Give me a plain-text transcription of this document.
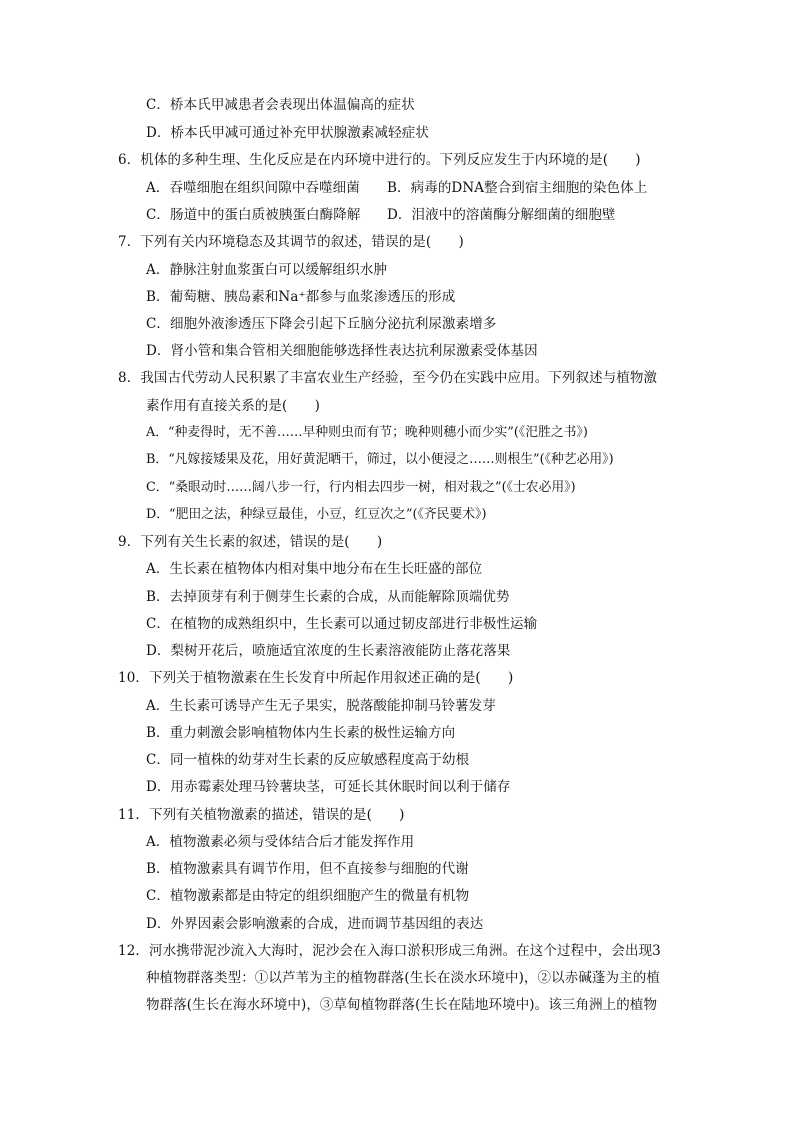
C．桥本氏甲减患者会表现出体温偏高的症状
D．桥本氏甲减可通过补充甲状腺激素减轻症状
6．机体的多种生理、生化反应是在内环境中进行的。下列反应发生于内环境的是(　　)
A．吞噬细胞在组织间隙中吞噬细菌 B．病毒的DNA整合到宿主细胞的染色体上
C．肠道中的蛋白质被胰蛋白酶降解 D．泪液中的溶菌酶分解细菌的细胞壁
7．下列有关内环境稳态及其调节的叙述，错误的是(　　)
A．静脉注射血浆蛋白可以缓解组织水肿
B．葡萄糖、胰岛素和Na⁺都参与血浆渗透压的形成
C．细胞外液渗透压下降会引起下丘脑分泌抗利尿激素增多
D．肾小管和集合管相关细胞能够选择性表达抗利尿激素受体基因
8．我国古代劳动人民积累了丰富农业生产经验，至今仍在实践中应用。下列叙述与植物激
素作用有直接关系的是(　　)
A．“种麦得时，无不善……早种则虫而有节；晚种则穗小而少实”(《汜胜之书》)
B．“凡嫁接矮果及花，用好黄泥晒干，筛过，以小便浸之……则根生”(《种艺必用》)
C．“桑眼动时……阔八步一行，行内相去四步一树，相对栽之”(《士农必用》)
D．“肥田之法，种绿豆最佳，小豆，红豆次之”(《齐民要术》)
9．下列有关生长素的叙述，错误的是(　　)
A．生长素在植物体内相对集中地分布在生长旺盛的部位
B．去掉顶芽有利于侧芽生长素的合成，从而能解除顶端优势
C．在植物的成熟组织中，生长素可以通过韧皮部进行非极性运输
D．梨树开花后，喷施适宜浓度的生长素溶液能防止落花落果
10．下列关于植物激素在生长发育中所起作用叙述正确的是(　　)
A．生长素可诱导产生无子果实，脱落酸能抑制马铃薯发芽
B．重力刺激会影响植物体内生长素的极性运输方向
C．同一植株的幼芽对生长素的反应敏感程度高于幼根
D．用赤霉素处理马铃薯块茎，可延长其休眠时间以利于储存
11．下列有关植物激素的描述，错误的是(　　)
A．植物激素必须与受体结合后才能发挥作用
B．植物激素具有调节作用，但不直接参与细胞的代谢
C．植物激素都是由特定的组织细胞产生的微量有机物
D．外界因素会影响激素的合成，进而调节基因组的表达
12．河水携带泥沙流入大海时，泥沙会在入海口淤积形成三角洲。在这个过程中，会出现3
种植物群落类型：①以芦苇为主的植物群落(生长在淡水环境中)，②以赤碱蓬为主的植
物群落(生长在海水环境中)，③草甸植物群落(生长在陆地环境中)。该三角洲上的植物
